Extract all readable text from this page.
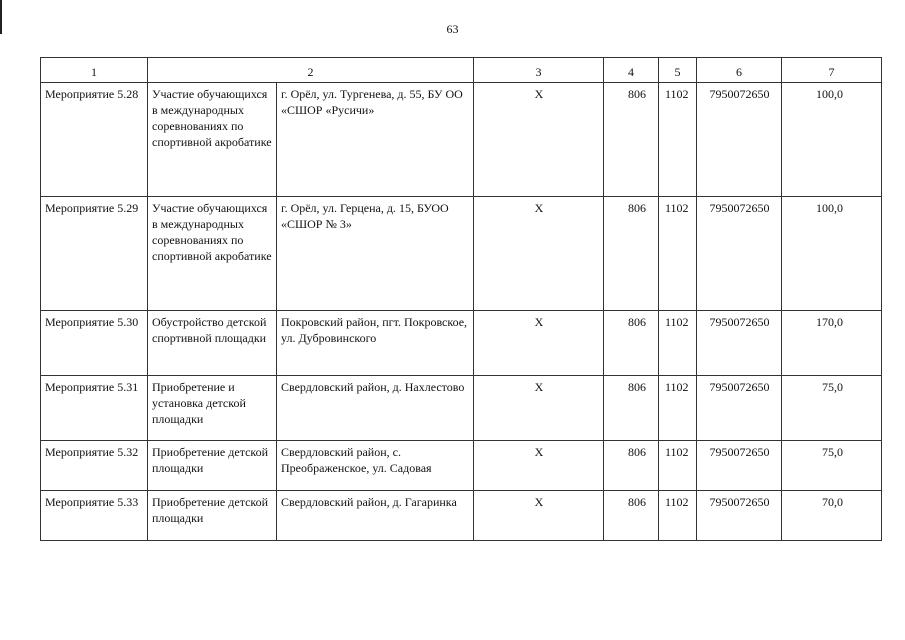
63
1	2		3	4	5	6	7
Мероприятие 5.28	Участие обучающихся в международных соревнованиях по спортивной акробатике	г. Орёл, ул. Тургенева, д. 55, БУ ОО «СШОР «Русичи»	Х	806	1102	7950072650	100,0
Мероприятие 5.29	Участие обучающихся в международных соревнованиях по спортивной акробатике	г. Орёл, ул. Герцена, д. 15, БУОО «СШОР № 3»	Х	806	1102	7950072650	100,0
Мероприятие 5.30	Обустройство детской спортивной площадки	Покровский район, пгт. Покровское, ул. Дубровинского	Х	806	1102	7950072650	170,0
Мероприятие 5.31	Приобретение и установка детской площадки	Свердловский район, д. Нахлестово	Х	806	1102	7950072650	75,0
Мероприятие 5.32	Приобретение детской площадки	Свердловский район, с. Преображенское, ул. Садовая	Х	806	1102	7950072650	75,0
Мероприятие 5.33	Приобретение детской площадки	Свердловский район, д. Гагаринка	Х	806	1102	7950072650	70,0
